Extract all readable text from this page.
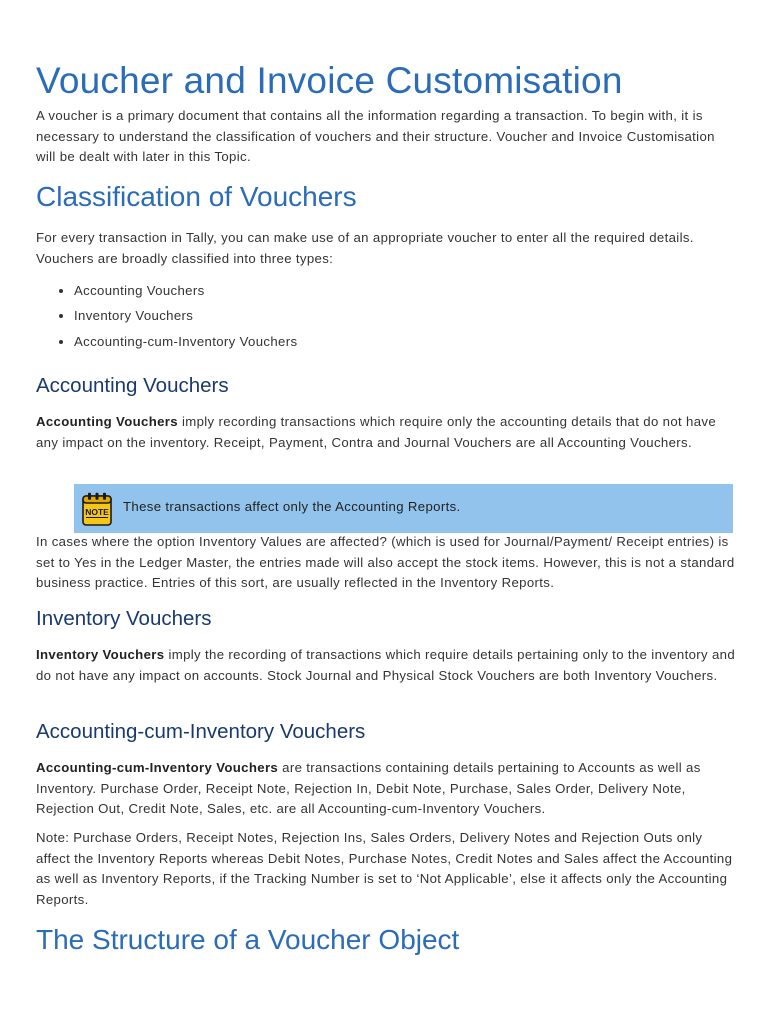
Voucher and Invoice Customisation

A voucher is a primary document that contains all the information regarding a transaction. To begin with, it is necessary to understand the classification of vouchers and their structure. Voucher and Invoice Customisation will be dealt with later in this Topic.

Classification of Vouchers

For every transaction in Tally, you can make use of an appropriate voucher to enter all the required details. Vouchers are broadly classified into three types:

• Accounting Vouchers
• Inventory Vouchers
• Accounting-cum-Inventory Vouchers
Accounting Vouchers

Accounting Vouchers imply recording transactions which require only the accounting details that do not have any impact on the inventory. Receipt, Payment, Contra and Journal Vouchers are all Accounting Vouchers.

NOTE These transactions affect only the Accounting Reports.

In cases where the option Inventory Values are affected? (which is used for Journal/Payment/ Receipt entries) is set to Yes in the Ledger Master, the entries made will also accept the stock items. However, this is not a standard business practice. Entries of this sort, are usually reflected in the Inventory Reports.

Inventory Vouchers

Inventory Vouchers imply the recording of transactions which require details pertaining only to the inventory and do not have any impact on accounts. Stock Journal and Physical Stock Vouchers are both Inventory Vouchers.

Accounting-cum-Inventory Vouchers

Accounting-cum-Inventory Vouchers are transactions containing details pertaining to Accounts as well as Inventory. Purchase Order, Receipt Note, Rejection In, Debit Note, Purchase, Sales Order, Delivery Note, Rejection Out, Credit Note, Sales, etc. are all Accounting-cum-Inventory Vouchers.

Note: Purchase Orders, Receipt Notes, Rejection Ins, Sales Orders, Delivery Notes and Rejection Outs only affect the Inventory Reports whereas Debit Notes, Purchase Notes, Credit Notes and Sales affect the Accounting as well as Inventory Reports, if the Tracking Number is set to ‘Not Applicable’, else it affects only the Accounting Reports.

The Structure of a Voucher Object
